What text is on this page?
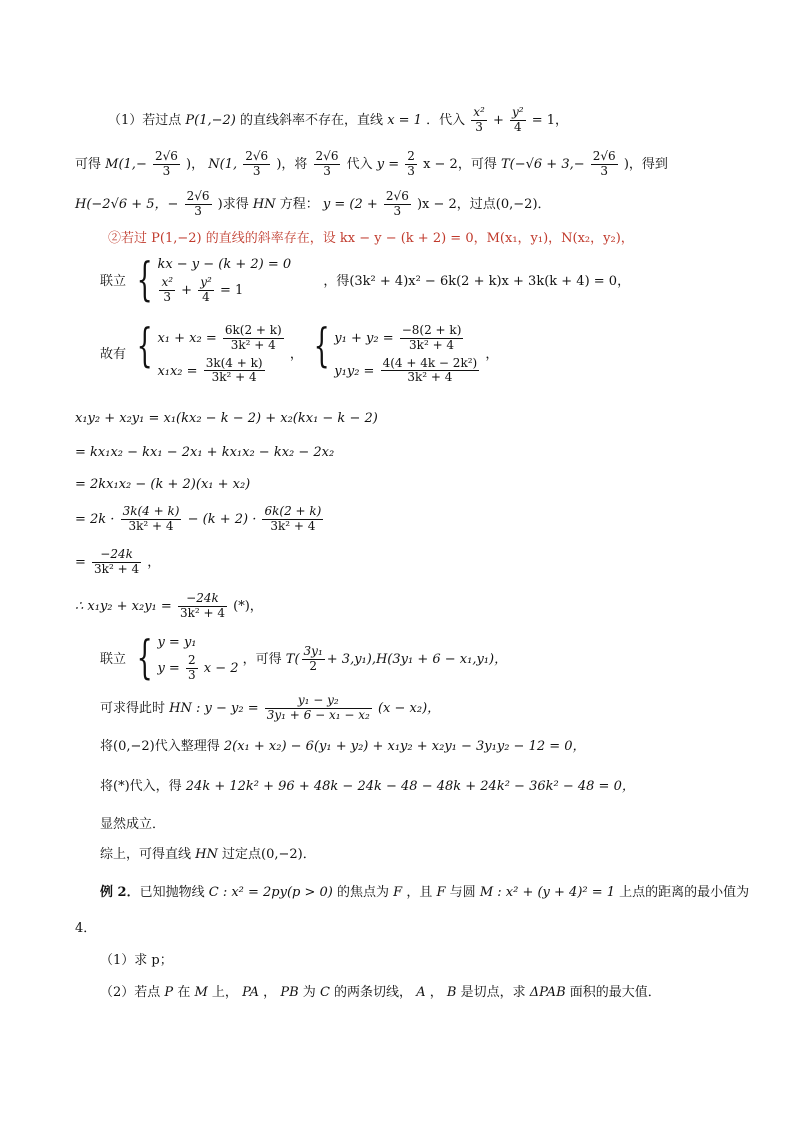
（1）若过点 P(1,−2) 的直线斜率不存在，直线 x = 1 ．代入 $\frac{\text{x²}}{3} + \frac{\text{y²}}{4} = 1$，
可得 $M(1,- \frac{2√6}{3}$ )， N(1, $\frac{2√6}{3}$ )，将 $\frac{2√6}{3}$ 代入 $y = \frac{2}{3}$ x − 2，可得 $T(-√6 + 3,- \frac{2√6}{3}$ )，得到
H(−2√6 + 5，− $\frac{2√6}{3}$ )求得 HN 方程： $y = (2 + \frac{2√6}{3} )x - 2$，过点(0,−2)．
②若过 P(1,−2) 的直线的斜率存在，设 kx − y − (k + 2) = 0，M(x₁，y₁)，N(x₂，y₂)，
联立 { kx − y − (k + 2) = 0
$\frac{\text{x²}}{3} + \frac{\text{y²}}{4} = 1$
，得(3k² + 4)x² − 6k(2 + k)x + 3k(k + 4) = 0，
故有 { $x_1 + x_2 = \frac{6k(2 + k)}{\text{3k² + 4}}$
$x_1x_2 = \frac{3k(4 + k)}{\text{3k² + 4}}$
， { $y_1 + y_2 = \frac{-8(2 + k)}{\text{3k² + 4}}$
$y_1y_2 = \frac{\text{4(4 + 4k − 2k²)}}{\text{3k² + 4}}$
，
x₁y₂ + x₂y₁ = x₁(kx₂ − k − 2) + x₂(kx₁ − k − 2)
= kx₁x₂ − kx₁ − 2x₁ + kx₁x₂ − kx₂ − 2x₂
= 2kx₁x₂ − (k + 2)(x₁ + x₂)
= $2k \cdot \frac{3k(4 + k)}{\text{3k² + 4}} - (k + 2) \cdot \frac{6k(2 + k)}{\text{3k² + 4}}$
= $\frac{-24k}{\text{3k² + 4}}$ ，
∴ $x_1y_2 + x_2y_1 = \frac{-24k}{\text{3k² + 4}}$ (*)，
联立 { y = y₁
$y = \frac{2}{3}$ x − 2
，可得 $T( \frac{\text{3y₁}}{2} + 3,y_1),H(3y_1 + 6 - x_1,y_1)$，
可求得此时 HN : $y - y_2 = \frac{\text{y₁ − y₂}}{\text{3y₁ + 6 − x₁ − x₂}} (x - x_2)$，
将(0,−2)代入整理得 2(x₁ + x₂) − 6(y₁ + y₂) + x₁y₂ + x₂y₁ − 3y₁y₂ − 12 = 0，
将(*)代入，得 24k + 12k² + 96 + 48k − 24k − 48 − 48k + 24k² − 36k² − 48 = 0，
显然成立．
综上，可得直线 HN 过定点(0,−2)．
例 2．已知抛物线 C : x² = 2py(p > 0) 的焦点为 F ，且 F 与圆 M : x² + (y + 4)² = 1 上点的距离的最小值为
4．
（1）求 p；
（2）若点 P 在 M 上， PA ， PB 为 C 的两条切线， A ， B 是切点，求 ΔPAB 面积的最大值．
